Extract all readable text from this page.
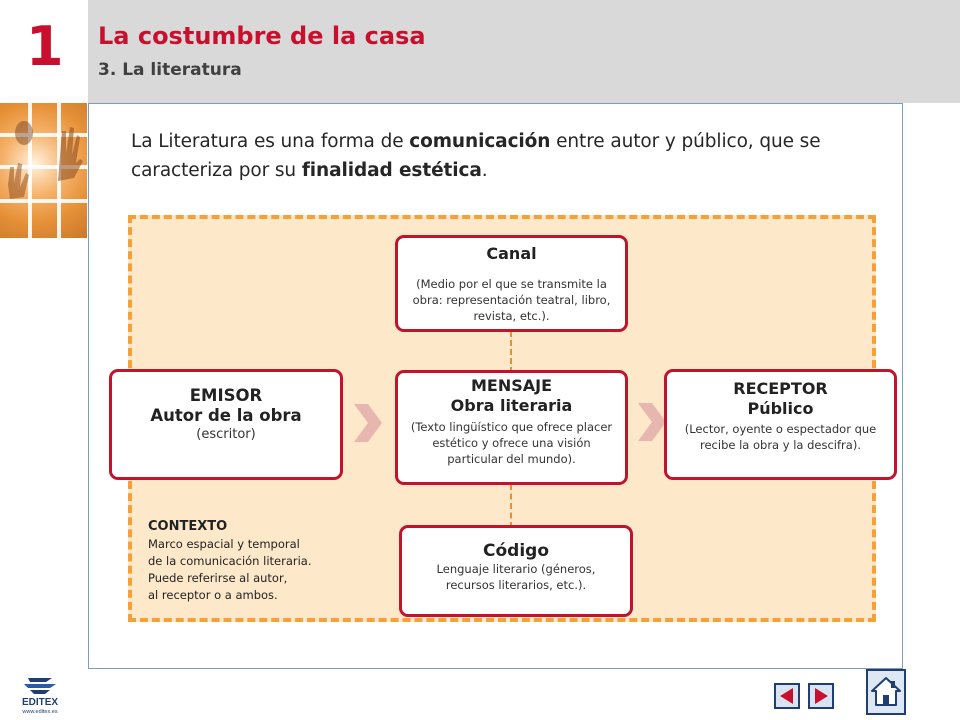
1 La costumbre de la casa
3. La literatura

La Literatura es una forma de comunicación entre autor y público, que se caracteriza por su finalidad estética.

Canal
(Medio por el que se transmite la obra: representación teatral, libro, revista, etc.).
EMISOR
Autor de la obra
(escritor)
MENSAJE
Obra literaria
(Texto lingüístico que ofrece placer estético y ofrece una visión particular del mundo).
RECEPTOR
Público
(Lector, oyente o espectador que recibe la obra y la descifra).
Código
Lenguaje literario (géneros, recursos literarios, etc.).
CONTEXTO
Marco espacial y temporal
de la comunicación literaria.
Puede referirse al autor,
al receptor o a ambos.
EDITEX
www.editex.es
